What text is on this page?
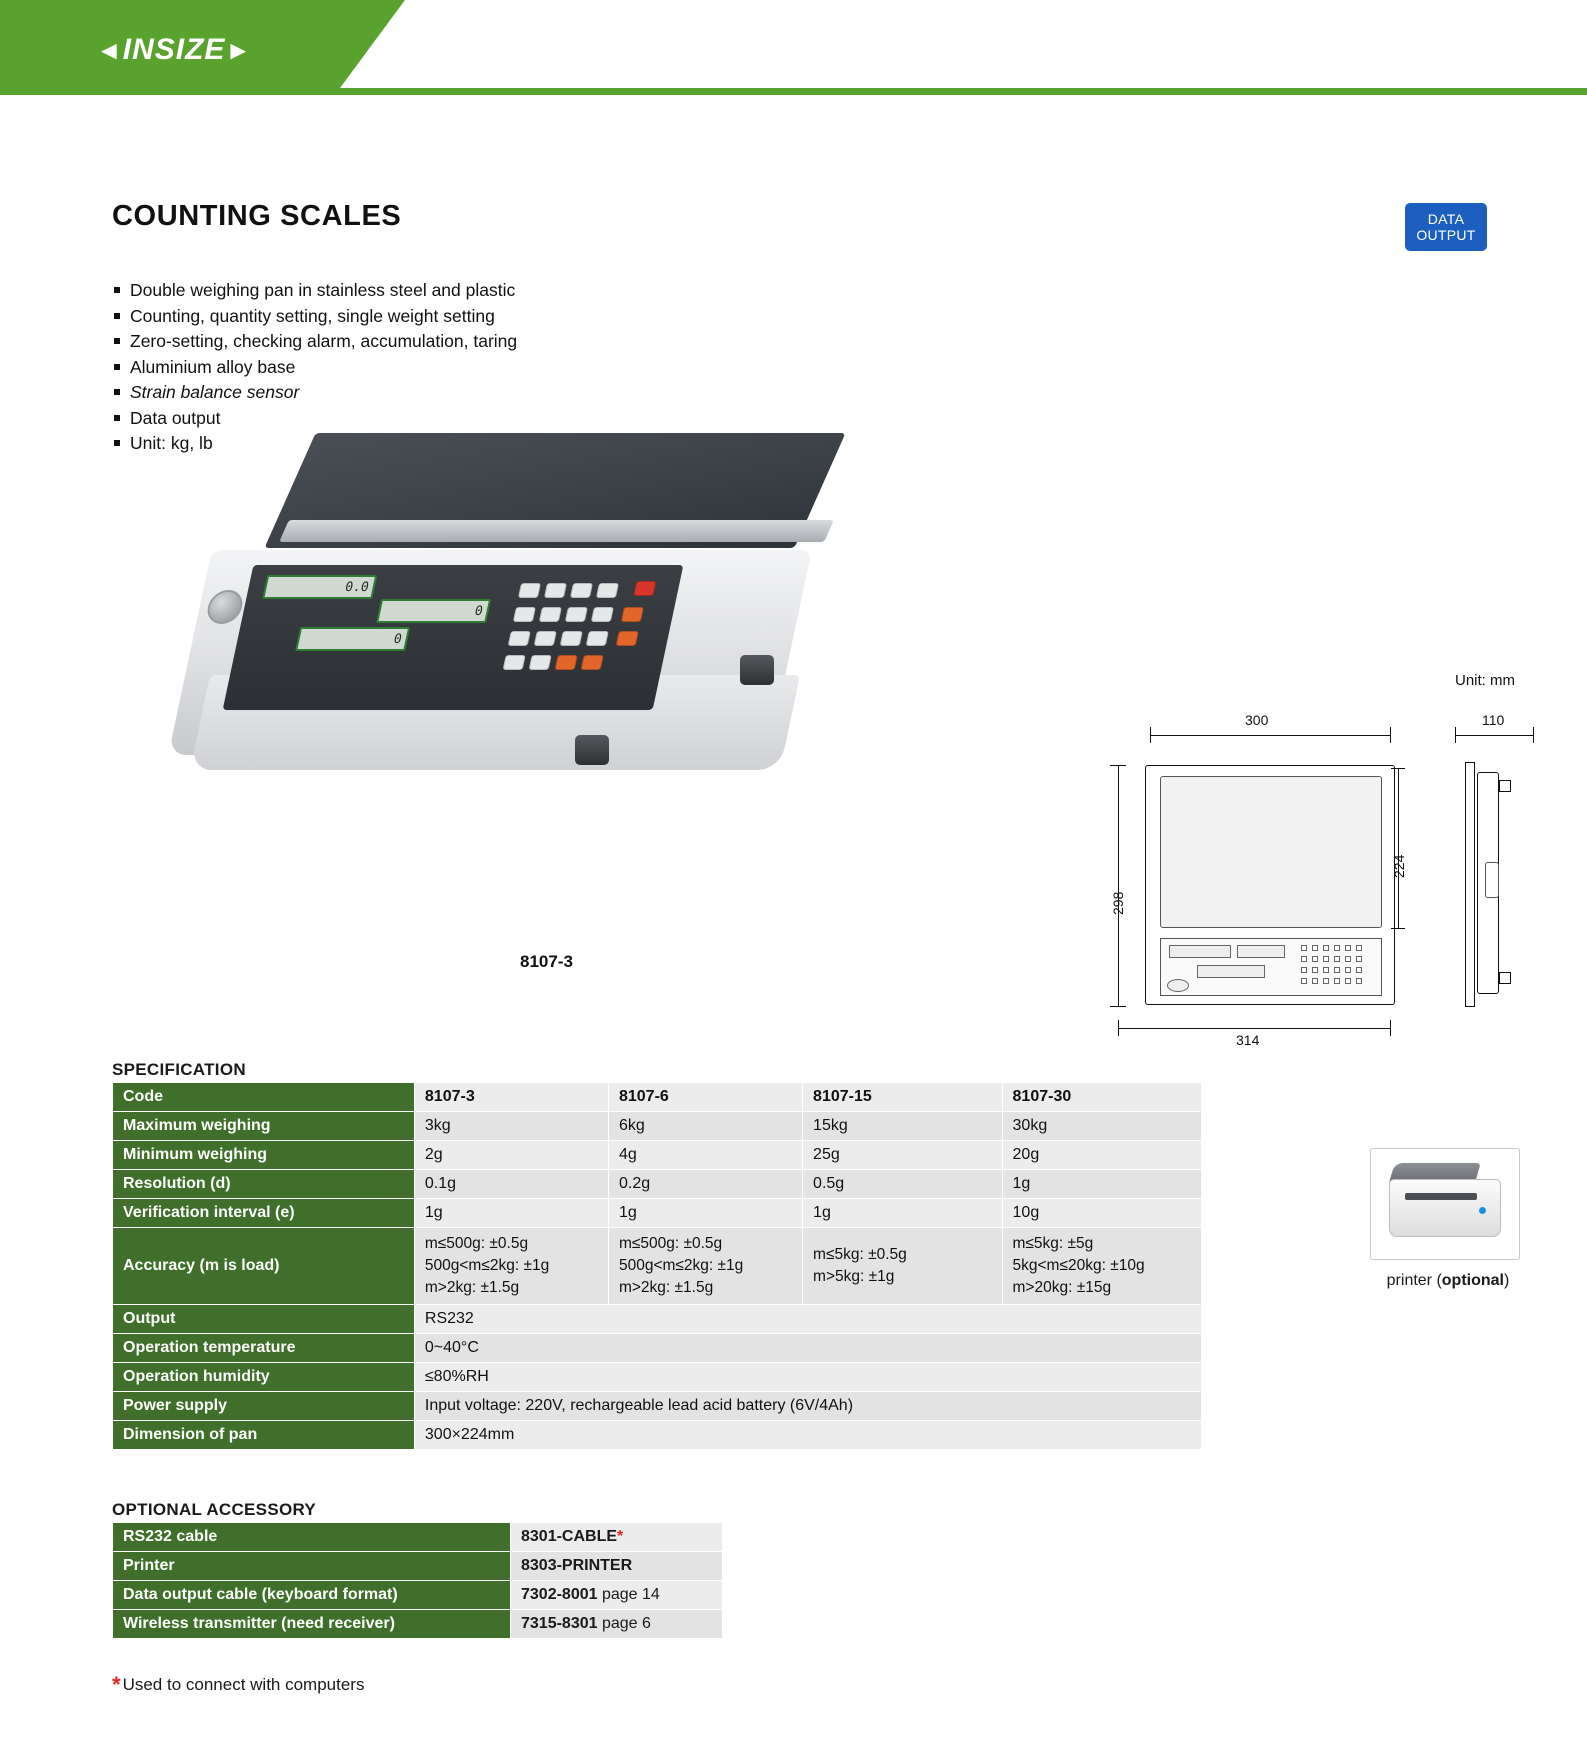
◄INSIZE►
COUNTING SCALES	DATA
OUTPUT
Double weighing pan in stainless steel and plastic
Counting, quantity setting, single weight setting
Zero-setting, checking alarm, accumulation, taring
Aluminium alloy base
Strain balance sensor
Data output
Unit: kg, lb
0.0
0
0
8107-3
Unit: mm
300	110
298
224
314
SPECIFICATION
Code	8107-3	8107-6	8107-15	8107-30
Maximum weighing	3kg	6kg	15kg	30kg
Minimum weighing	2g	4g	25g	20g
Resolution (d)	0.1g	0.2g	0.5g	1g
Verification interval (e)	1g	1g	1g	10g
Accuracy (m is load)	m≤500g: ±0.5g
500g<m≤2kg: ±1g
m>2kg: ±1.5g	m≤500g: ±0.5g
500g<m≤2kg: ±1g
m>2kg: ±1.5g	m≤5kg: ±0.5g
m>5kg: ±1g	m≤5kg: ±5g
5kg<m≤20kg: ±10g
m>20kg: ±15g
Output	RS232			
Operation temperature	0~40°C			
Operation humidity	≤80%RH			
Power supply	Input voltage: 220V, rechargeable lead acid battery (6V/4Ah)			
Dimension of pan	300×224mm			
printer (optional)
OPTIONAL ACCESSORY
RS232 cable	8301-CABLE*
Printer	8303-PRINTER
Data output cable (keyboard format)	7302-8001 page 14
Wireless transmitter (need receiver)	7315-8301 page 6
* Used to connect with computers
